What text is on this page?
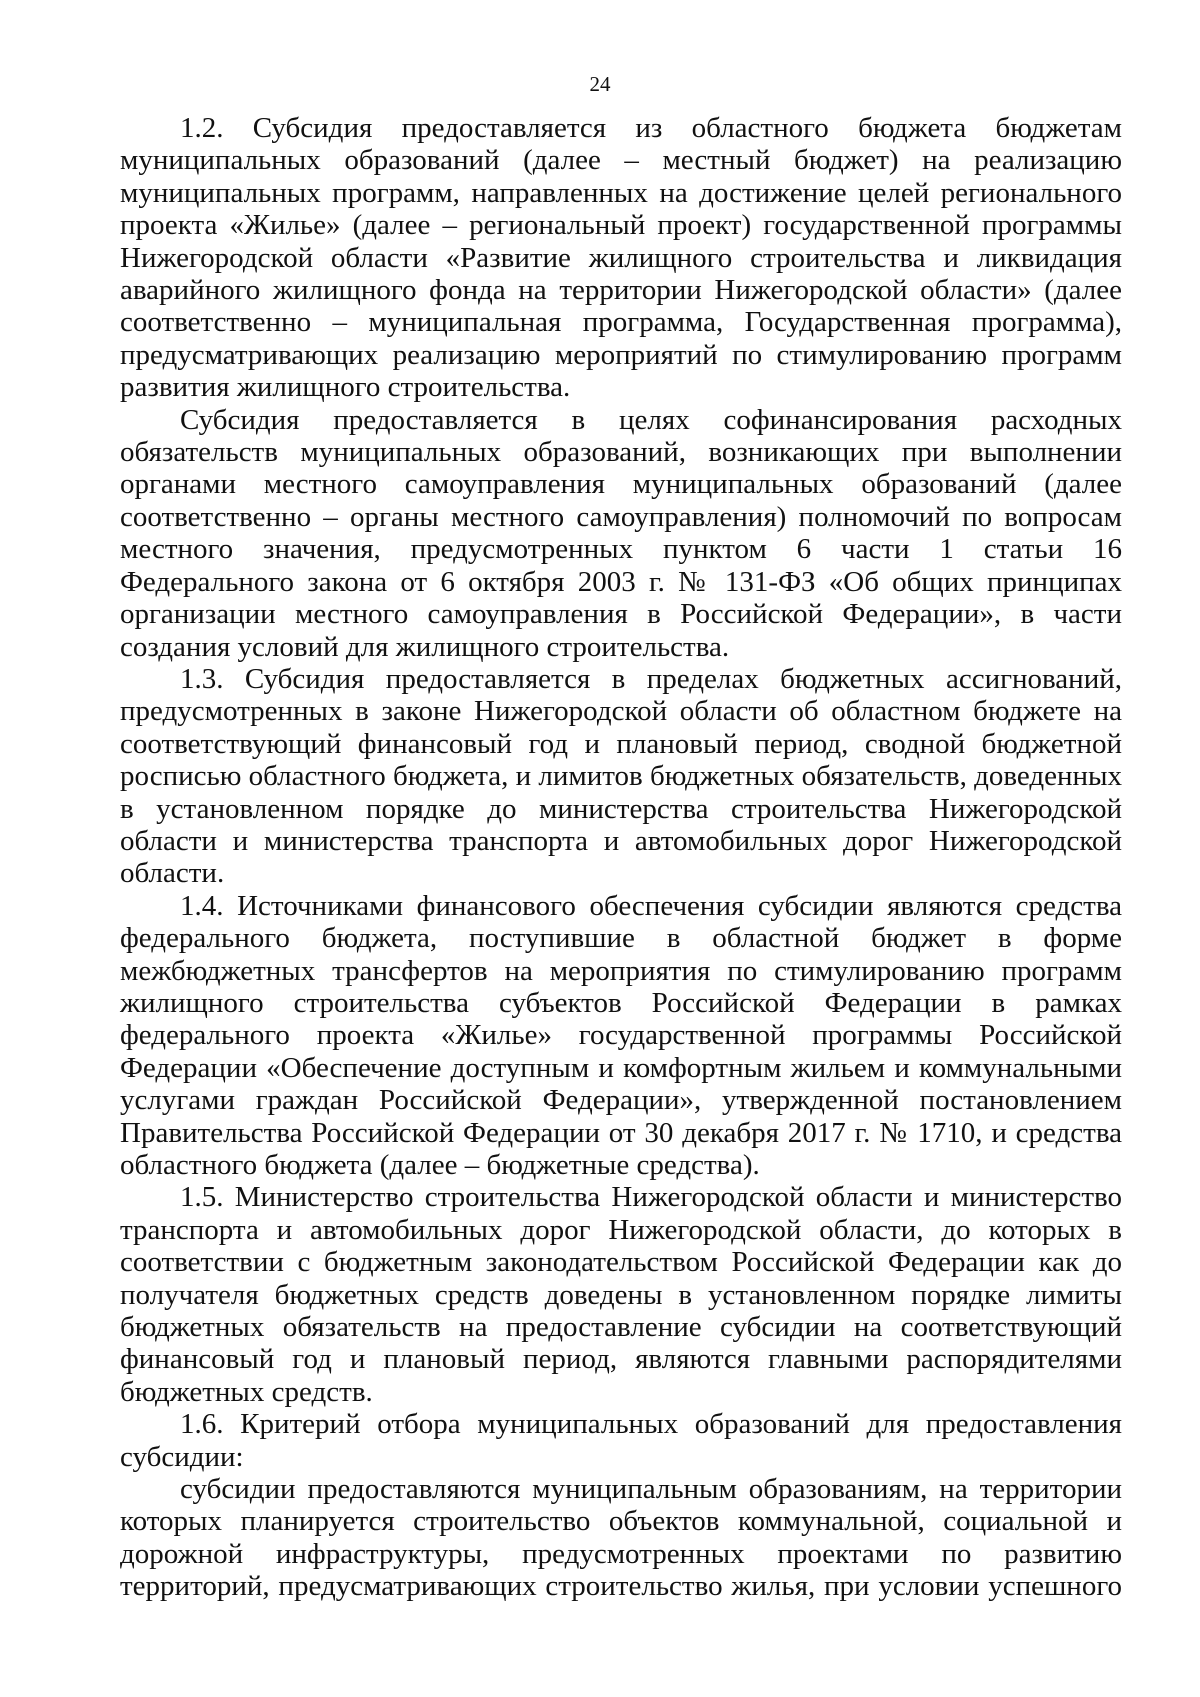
24

1.2. Субсидия предоставляется из областного бюджета бюджетам муниципальных образований (далее – местный бюджет) на реализацию муниципальных программ, направленных на достижение целей регионального проекта «Жилье» (далее – региональный проект) государственной программы Нижегородской области «Развитие жилищного строительства и ликвидация аварийного жилищного фонда на территории Нижегородской области» (далее соответственно – муниципальная программа, Государственная программа), предусматривающих реализацию мероприятий по стимулированию программ развития жилищного строительства.

Субсидия предоставляется в целях софинансирования расходных обязательств муниципальных образований, возникающих при выполнении органами местного самоуправления муниципальных образований (далее соответственно – органы местного самоуправления) полномочий по вопросам местного значения, предусмотренных пунктом 6 части 1 статьи 16 Федерального закона от 6 октября 2003 г. № 131-ФЗ «Об общих принципах организации местного самоуправления в Российской Федерации», в части создания условий для жилищного строительства.

1.3. Субсидия предоставляется в пределах бюджетных ассигнований, предусмотренных в законе Нижегородской области об областном бюджете на соответствующий финансовый год и плановый период, сводной бюджетной росписью областного бюджета, и лимитов бюджетных обязательств, доведенных в установленном порядке до министерства строительства Нижегородской области и министерства транспорта и автомобильных дорог Нижегородской области.

1.4. Источниками финансового обеспечения субсидии являются средства федерального бюджета, поступившие в областной бюджет в форме межбюджетных трансфертов на мероприятия по стимулированию программ жилищного строительства субъектов Российской Федерации в рамках федерального проекта «Жилье» государственной программы Российской Федерации «Обеспечение доступным и комфортным жильем и коммунальными услугами граждан Российской Федерации», утвержденной постановлением Правительства Российской Федерации от 30 декабря 2017 г. № 1710, и средства областного бюджета (далее – бюджетные средства).

1.5. Министерство строительства Нижегородской области и министерство транспорта и автомобильных дорог Нижегородской области, до которых в соответствии с бюджетным законодательством Российской Федерации как до получателя бюджетных средств доведены в установленном порядке лимиты бюджетных обязательств на предоставление субсидии на соответствующий финансовый год и плановый период, являются главными распорядителями бюджетных средств.

1.6. Критерий отбора муниципальных образований для предоставления субсидии:

субсидии предоставляются муниципальным образованиям, на территории которых планируется строительство объектов коммунальной, социальной и дорожной инфраструктуры, предусмотренных проектами по развитию территорий, предусматривающих строительство жилья, при условии успешного
